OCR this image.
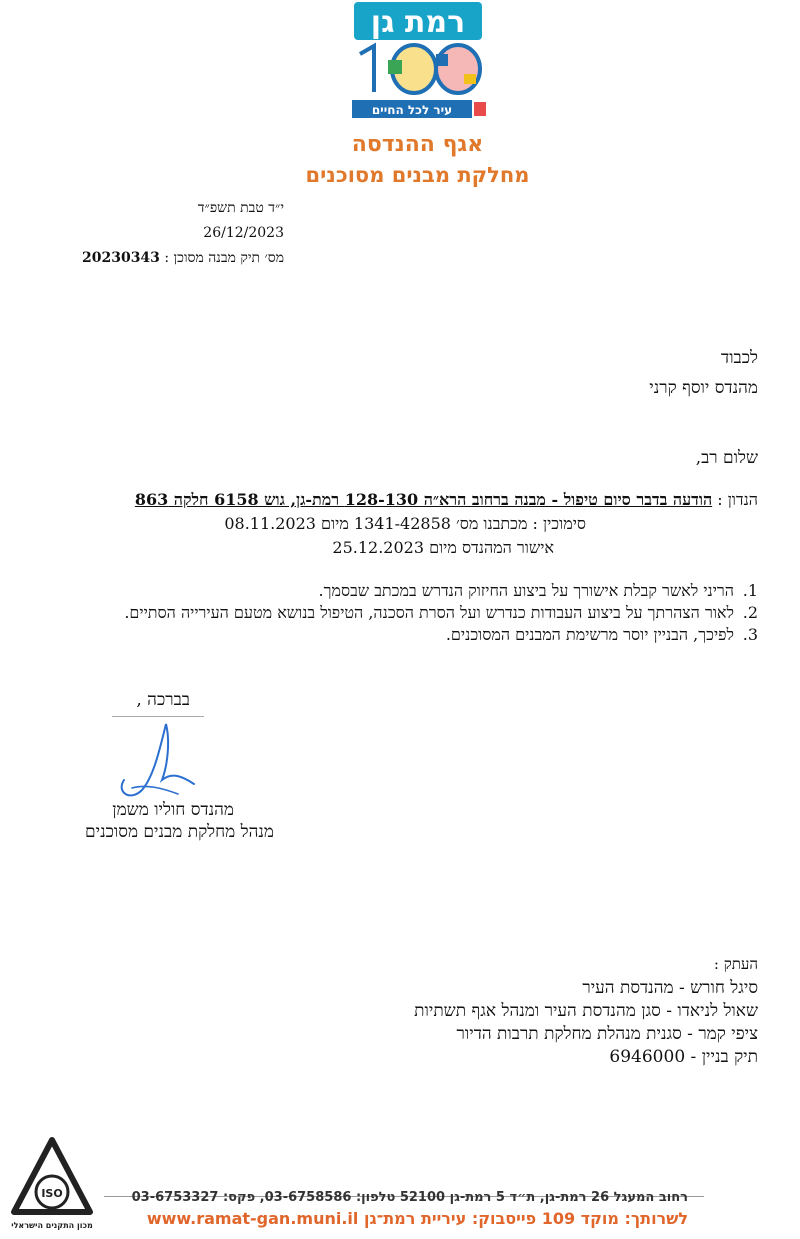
רמת גן
עיר לכל החיים
אגף ההנדסה
מחלקת מבנים מסוכנים
י״ד טבת תשפ״ד
26/12/2023
מס׳ תיק מבנה מסוכן : 20230343
לכבוד
מהנדס יוסף קרני
שלום רב,
הנדון : הודעה בדבר סיום טיפול - מבנה ברחוב הרא״ה 128-130 רמת-גן, גוש 6158 חלקה 863
סימוכין : מכתבנו מס׳ 1341-42858 מיום 08.11.2023
אישור המהנדס מיום 25.12.2023
1.
הריני לאשר קבלת אישורך על ביצוע החיזוק הנדרש במכתב שבסמך.
2.
לאור הצהרתך על ביצוע העבודות כנדרש ועל הסרת הסכנה, הטיפול בנושא מטעם העירייה הסתיים.
3.
לפיכך, הבניין יוסר מרשימת המבנים המסוכנים.
בברכה ,
מהנדס חוליו משמן
מנהל מחלקת מבנים מסוכנים
העתק :
סיגל חורש - מהנדסת העיר
שאול לניאדו - סגן מהנדסת העיר ומנהל אגף תשתיות
ציפי קמר - סגנית מנהלת מחלקת תרבות הדיור
תיק בניין - 6946000
ISO
מכון התקנים הישראלי
רחוב המעגל 26 רמת-גן, ת״ד 5 רמת-גן 52100 טלפון: 03-6758586, פקס: 03-6753327
לשרותך: מוקד 109 פייסבוק: עיריית רמת־גן www.ramat-gan.muni.il
